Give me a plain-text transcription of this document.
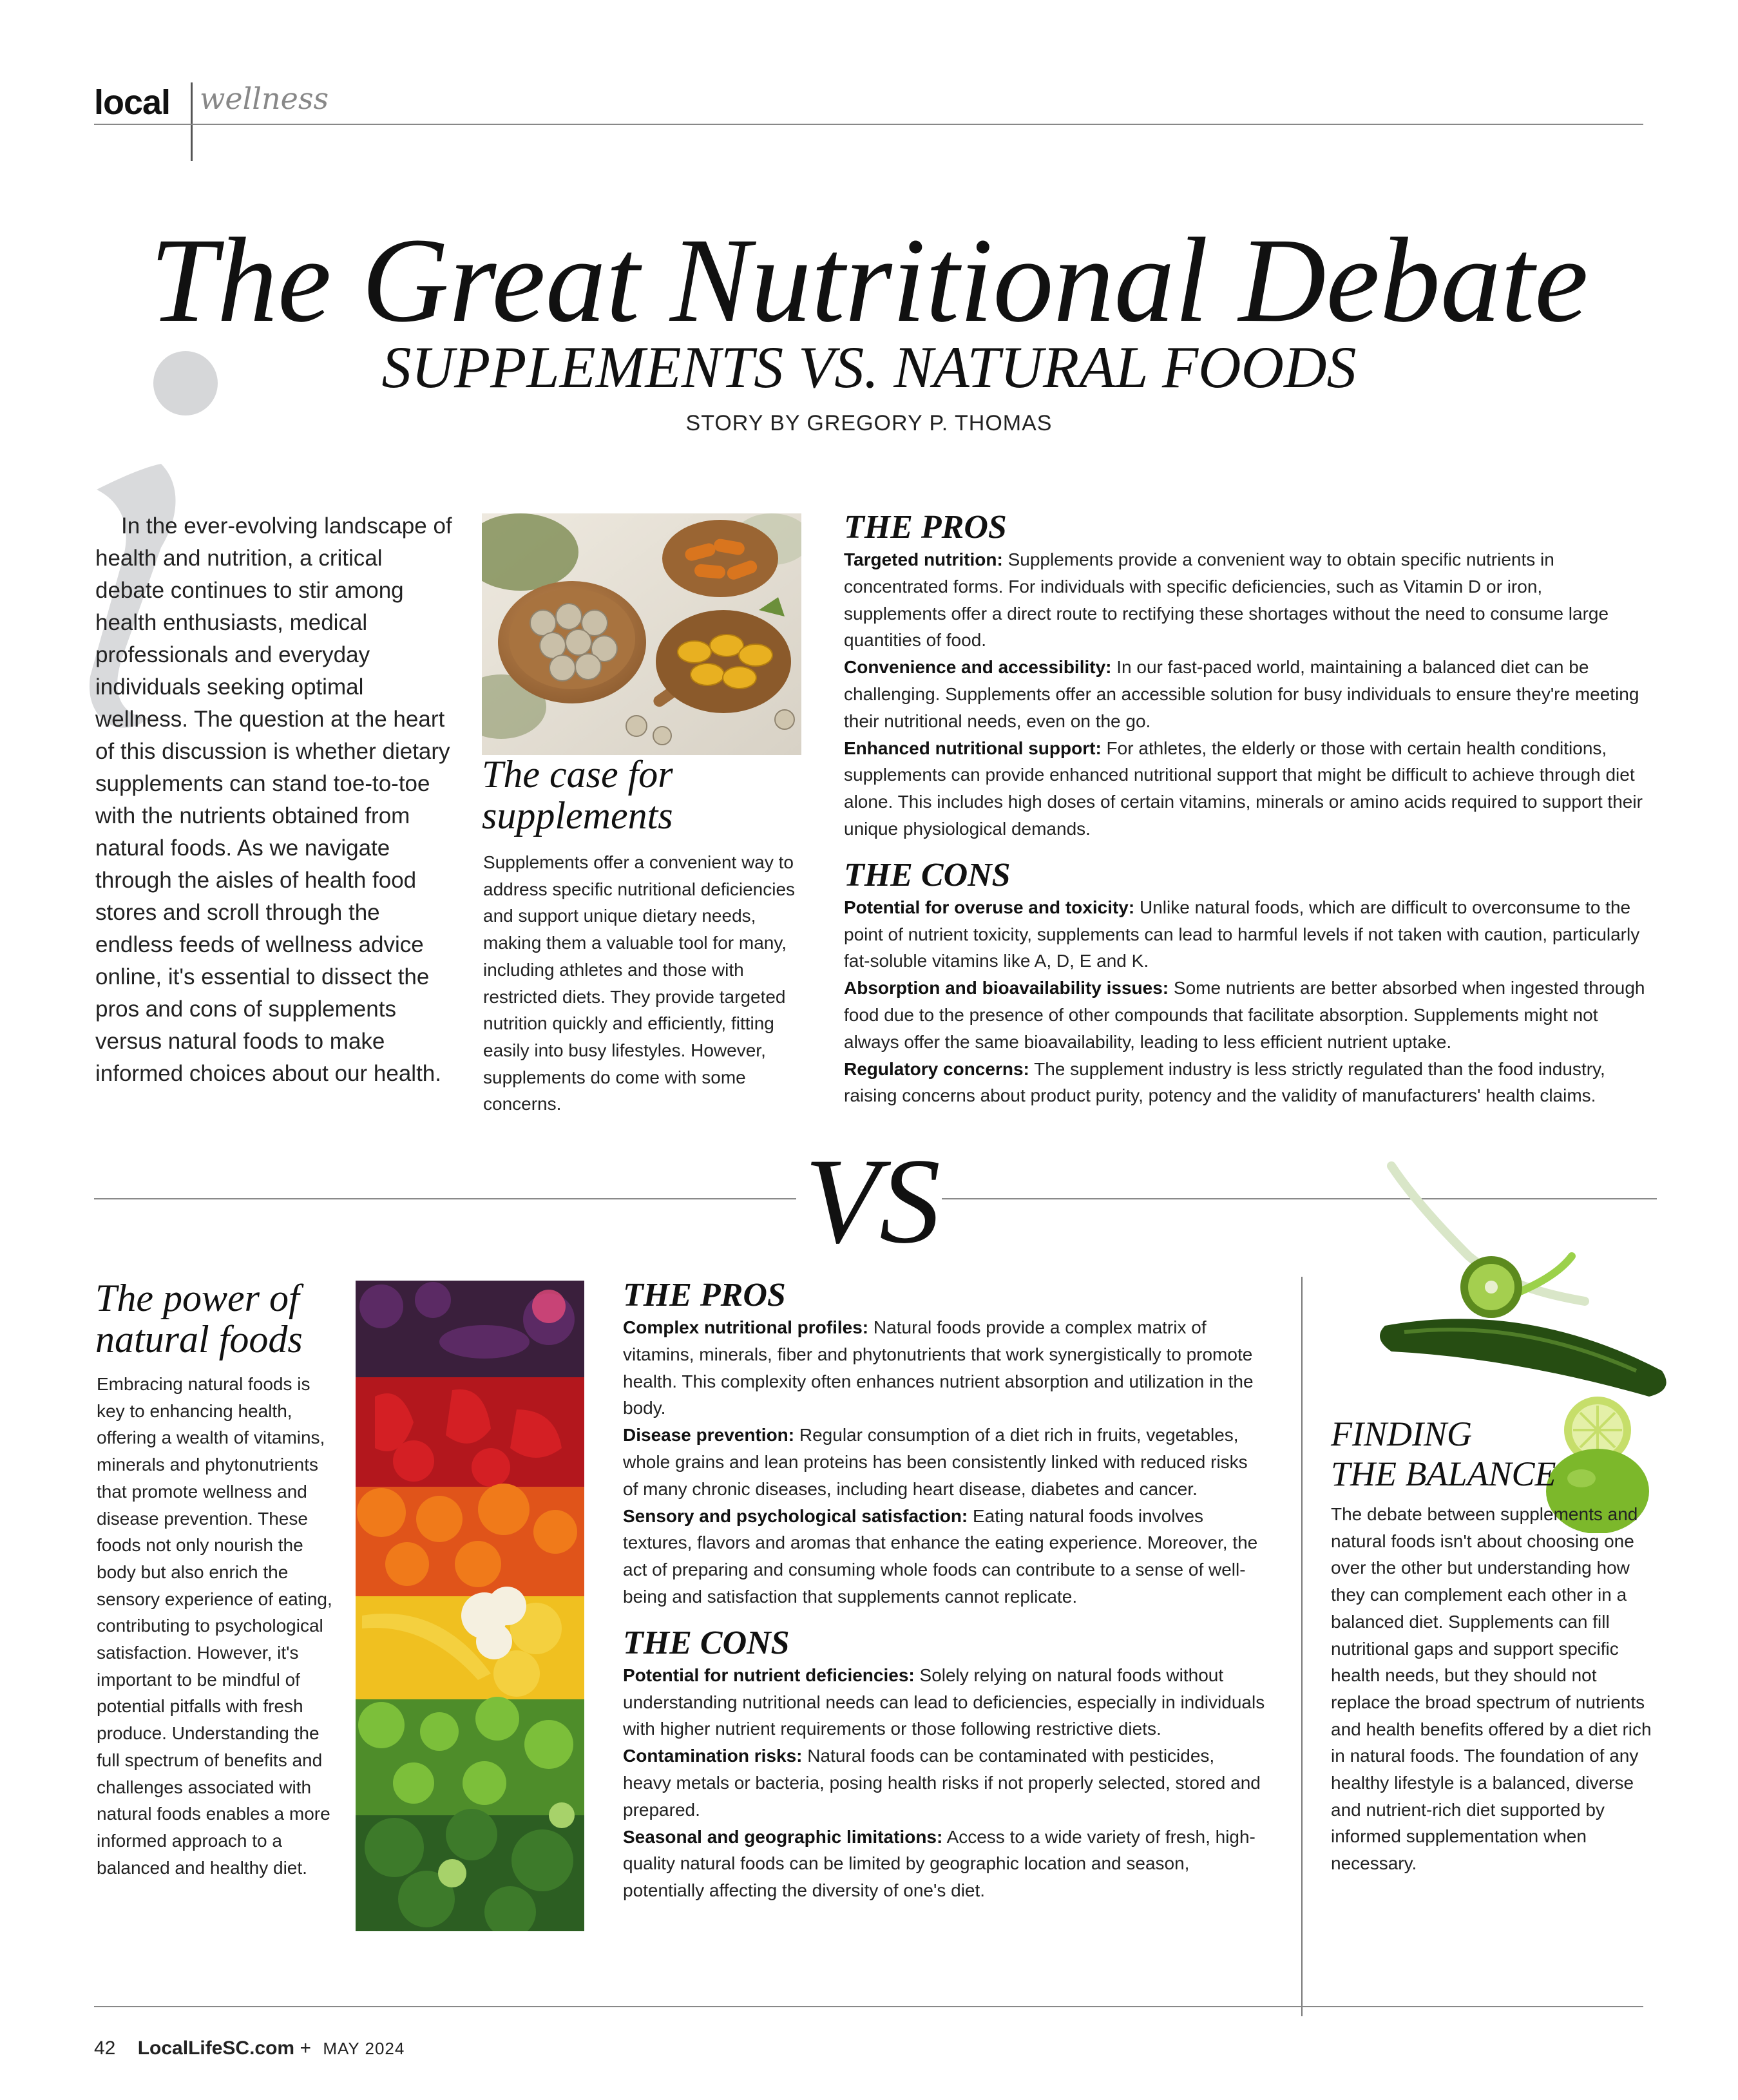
local wellness
The Great Nutritional Debate
SUPPLEMENTS VS. NATURAL FOODS
STORY BY GREGORY P. THOMAS

In the ever-evolving landscape of health and nutrition, a critical debate continues to stir among health enthusiasts, medical professionals and everyday individuals seeking optimal wellness. The question at the heart of this discussion is whether dietary supplements can stand toe-to-toe with the nutrients obtained from natural foods. As we navigate through the aisles of health food stores and scroll through the endless feeds of wellness advice online, it's essential to dissect the pros and cons of supplements versus natural foods to make informed choices about our health.

The case for supplements

Supplements offer a convenient way to address specific nutritional deficiencies and support unique dietary needs, making them a valuable tool for many, including athletes and those with restricted diets. They provide targeted nutrition quickly and efficiently, fitting easily into busy lifestyles. However, supplements do come with some concerns.

THE PROS

Targeted nutrition: Supplements provide a convenient way to obtain specific nutrients in concentrated forms. For individuals with specific deficiencies, such as Vitamin D or iron, supplements offer a direct route to rectifying these shortages without the need to consume large quantities of food.

Convenience and accessibility: In our fast-paced world, maintaining a balanced diet can be challenging. Supplements offer an accessible solution for busy individuals to ensure they're meeting their nutritional needs, even on the go.

Enhanced nutritional support: For athletes, the elderly or those with certain health conditions, supplements can provide enhanced nutritional support that might be difficult to achieve through diet alone. This includes high doses of certain vitamins, minerals or amino acids required to support their unique physiological demands.

THE CONS

Potential for overuse and toxicity: Unlike natural foods, which are difficult to overconsume to the point of nutrient toxicity, supplements can lead to harmful levels if not taken with caution, particularly fat-soluble vitamins like A, D, E and K.

Absorption and bioavailability issues: Some nutrients are better absorbed when ingested through food due to the presence of other compounds that facilitate absorption. Supplements might not always offer the same bioavailability, leading to less efficient nutrient uptake.

Regulatory concerns: The supplement industry is less strictly regulated than the food industry, raising concerns about product purity, potency and the validity of manufacturers' health claims.

VS
The power of natural foods

Embracing natural foods is key to enhancing health, offering a wealth of vitamins, minerals and phytonutrients that promote wellness and disease prevention. These foods not only nourish the body but also enrich the sensory experience of eating, contributing to psychological satisfaction. However, it's important to be mindful of potential pitfalls with fresh produce. Understanding the full spectrum of benefits and challenges associated with natural foods enables a more informed approach to a balanced and healthy diet.

THE PROS

Complex nutritional profiles: Natural foods provide a complex matrix of vitamins, minerals, fiber and phytonutrients that work synergistically to promote health. This complexity often enhances nutrient absorption and utilization in the body.

Disease prevention: Regular consumption of a diet rich in fruits, vegetables, whole grains and lean proteins has been consistently linked with reduced risks of many chronic diseases, including heart disease, diabetes and cancer.

Sensory and psychological satisfaction: Eating natural foods involves textures, flavors and aromas that enhance the eating experience. Moreover, the act of preparing and consuming whole foods can contribute to a sense of well-being and satisfaction that supplements cannot replicate.

THE CONS

Potential for nutrient deficiencies: Solely relying on natural foods without understanding nutritional needs can lead to deficiencies, especially in individuals with higher nutrient requirements or those following restrictive diets.

Contamination risks: Natural foods can be contaminated with pesticides, heavy metals or bacteria, posing health risks if not properly selected, stored and prepared.

Seasonal and geographic limitations: Access to a wide variety of fresh, high-quality natural foods can be limited by geographic location and season, potentially affecting the diversity of one's diet.

FINDING
THE BALANCE

The debate between supplements and natural foods isn't about choosing one over the other but understanding how they can complement each other in a balanced diet. Supplements can fill nutritional gaps and support specific health needs, but they should not replace the broad spectrum of nutrients and health benefits offered by a diet rich in natural foods. The foundation of any healthy lifestyle is a balanced, diverse and nutrient-rich diet supported by informed supplementation when necessary.

42 LocalLifeSC.com + MAY 2024
